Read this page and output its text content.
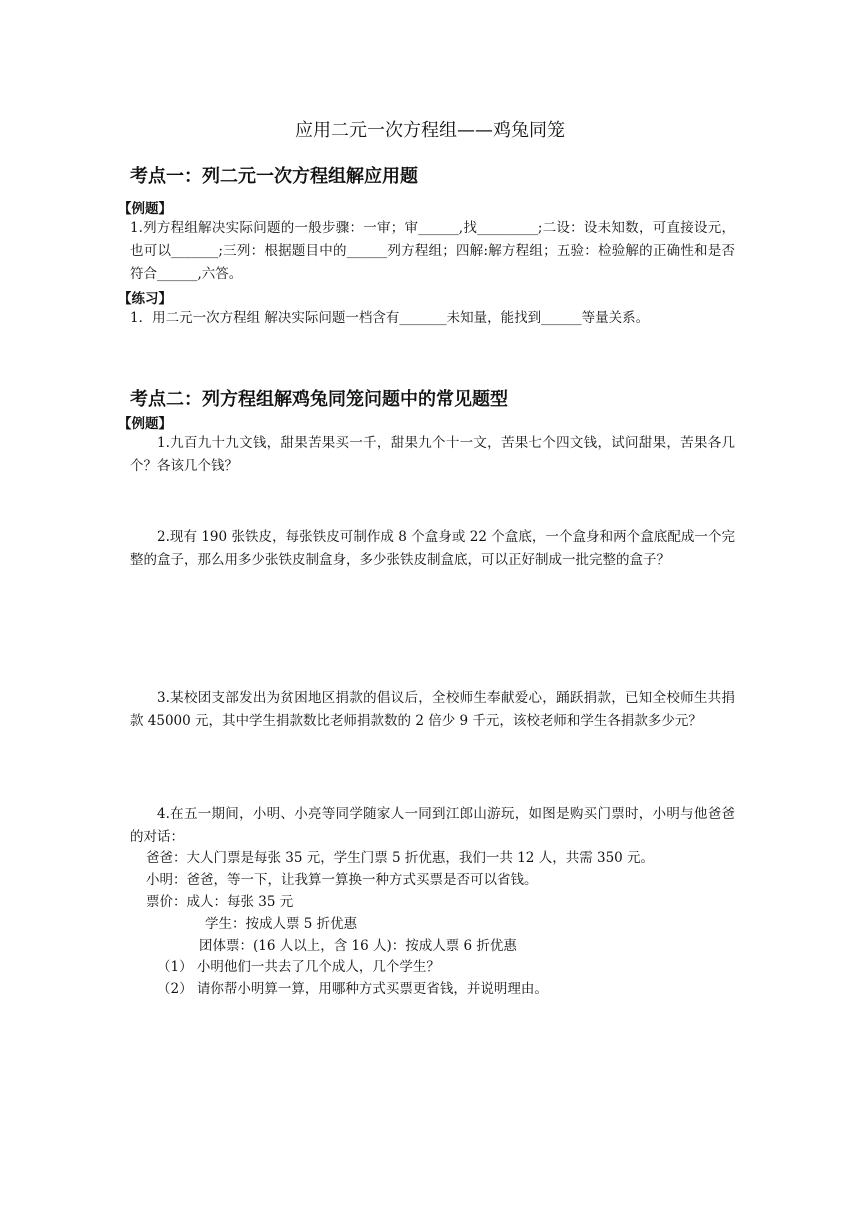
应用二元一次方程组——鸡兔同笼
考点一：列二元一次方程组解应用题
【例题】

1.列方程组解决实际问题的一般步骤：一审；审______,找_________;二设：设未知数，可直接设元，也可以_______;三列：根据题目中的______列方程组；四解:解方程组；五验：检验解的正确性和是否符合______,六答。

【练习】

1．用二元一次方程组 解决实际问题一档含有_______未知量，能找到______等量关系。

考点二：列方程组解鸡兔同笼问题中的常见题型
【例题】

1.九百九十九文钱，甜果苦果买一千，甜果九个十一文，苦果七个四文钱，试问甜果，苦果各几个？各该几个钱？

2.现有 190 张铁皮，每张铁皮可制作成 8 个盒身或 22 个盒底，一个盒身和两个盒底配成一个完整的盒子，那么用多少张铁皮制盒身，多少张铁皮制盒底，可以正好制成一批完整的盒子？

3.某校团支部发出为贫困地区捐款的倡议后，全校师生奉献爱心，踊跃捐款，已知全校师生共捐款 45000 元，其中学生捐款数比老师捐款数的 2 倍少 9 千元，该校老师和学生各捐款多少元？

4.在五一期间，小明、小亮等同学随家人一同到江郎山游玩，如图是购买门票时，小明与他爸爸的对话：

爸爸：大人门票是每张 35 元，学生门票 5 折优惠，我们一共 12 人，共需 350 元。
小明：爸爸，等一下，让我算一算换一种方式买票是否可以省钱。
票价：成人：每张 35 元
学生：按成人票 5 折优惠
团体票：(16 人以上，含 16 人)：按成人票 6 折优惠
（1） 小明他们一共去了几个成人，几个学生？
（2） 请你帮小明算一算，用哪种方式买票更省钱，并说明理由。
